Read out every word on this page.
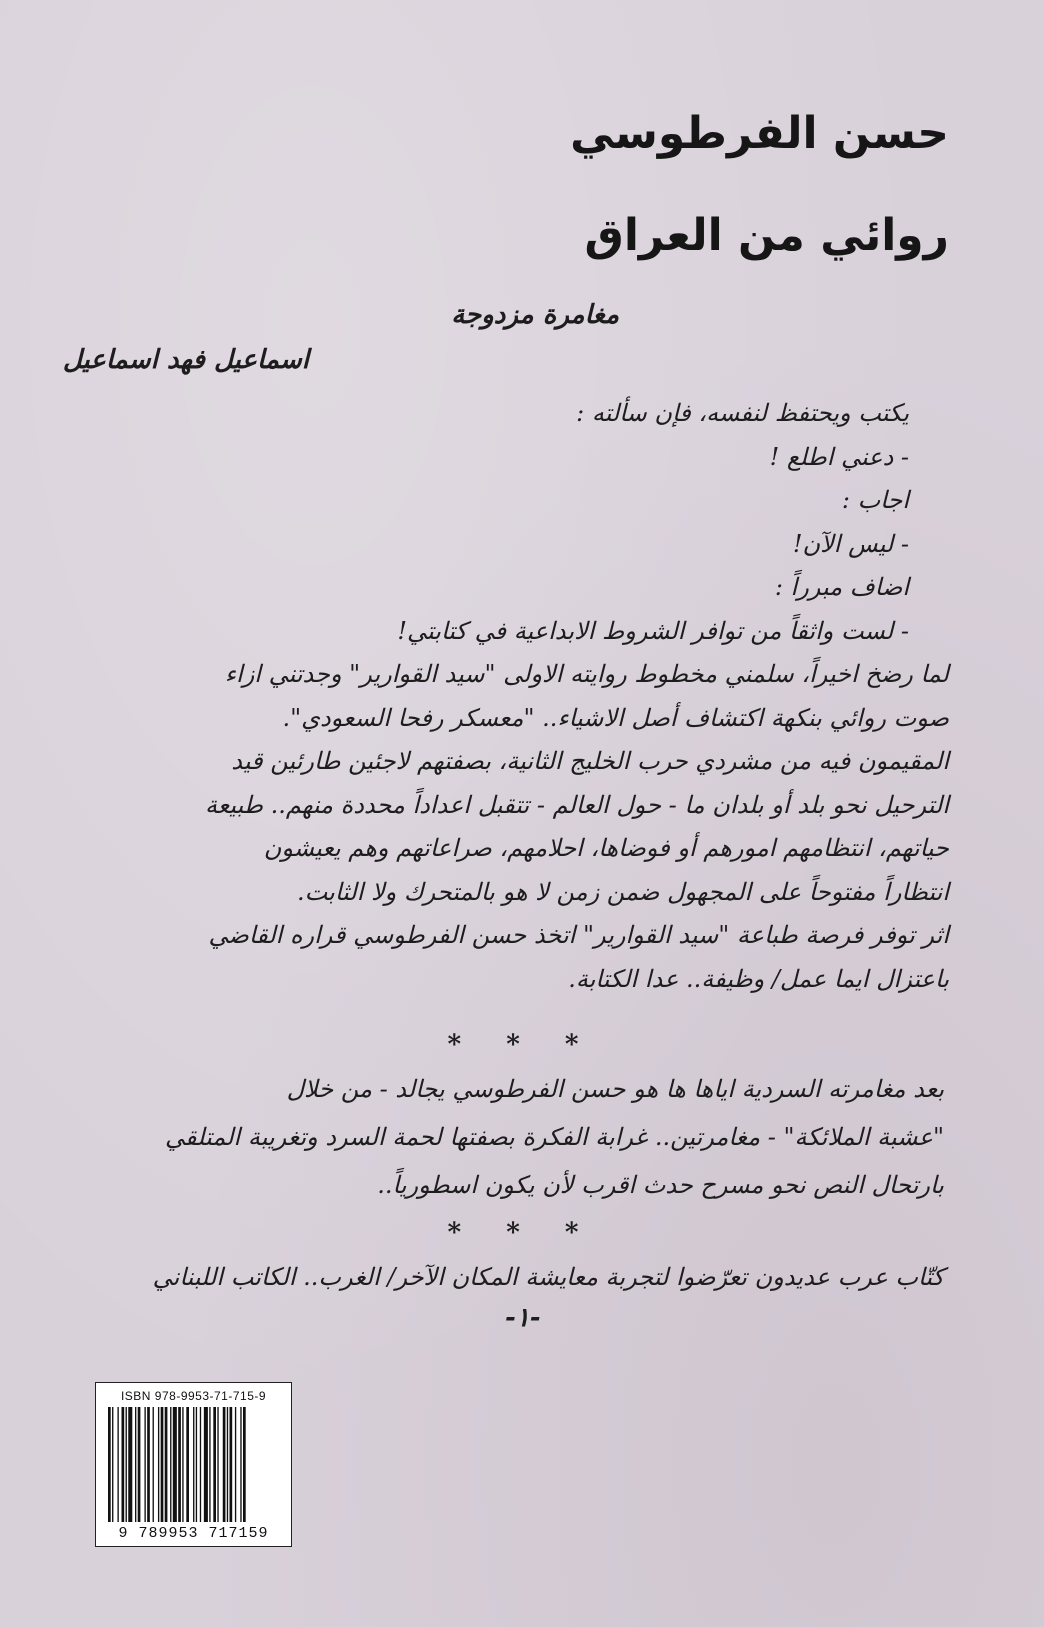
حسن الفرطوسي
روائي من العراق
مغامرة مزدوجة
اسماعيل فهد اسماعيل
يكتب ويحتفظ لنفسه، فإن سألته :
- دعني اطلع !
اجاب :
- ليس الآن!
اضاف مبرراً :
- لست واثقاً من توافر الشروط الابداعية في كتابتي!
لما رضخ اخيراً، سلمني مخطوط روايته الاولى "سيد القوارير" وجدتني ازاء
صوت روائي بنكهة اكتشاف أصل الاشياء.. "معسكر رفحا السعودي".
المقيمون فيه من مشردي حرب الخليج الثانية، بصفتهم لاجئين طارئين قيد
الترحيل نحو بلد أو بلدان ما - حول العالم - تتقبل اعداداً محددة منهم.. طبيعة
حياتهم، انتظامهم امورهم أو فوضاها، احلامهم، صراعاتهم وهم يعيشون
انتظاراً مفتوحاً على المجهول ضمن زمن لا هو بالمتحرك ولا الثابت.
اثر توفر فرصة طباعة "سيد القوارير" اتخذ حسن الفرطوسي قراره القاضي
باعتزال ايما عمل/ وظيفة.. عدا الكتابة.
* * *
بعد مغامرته السردية اياها ها هو حسن الفرطوسي يجالد - من خلال
"عشبة الملائكة" - مغامرتين.. غرابة الفكرة بصفتها لحمة السرد وتغريبة المتلقي
بارتحال النص نحو مسرح حدث اقرب لأن يكون اسطورياً..
* * *
كتّاب عرب عديدون تعرّضوا لتجربة معايشة المكان الآخر/ الغرب.. الكاتب اللبناني
-١-
ISBN 978-9953-71-715-9
9 789953 717159
